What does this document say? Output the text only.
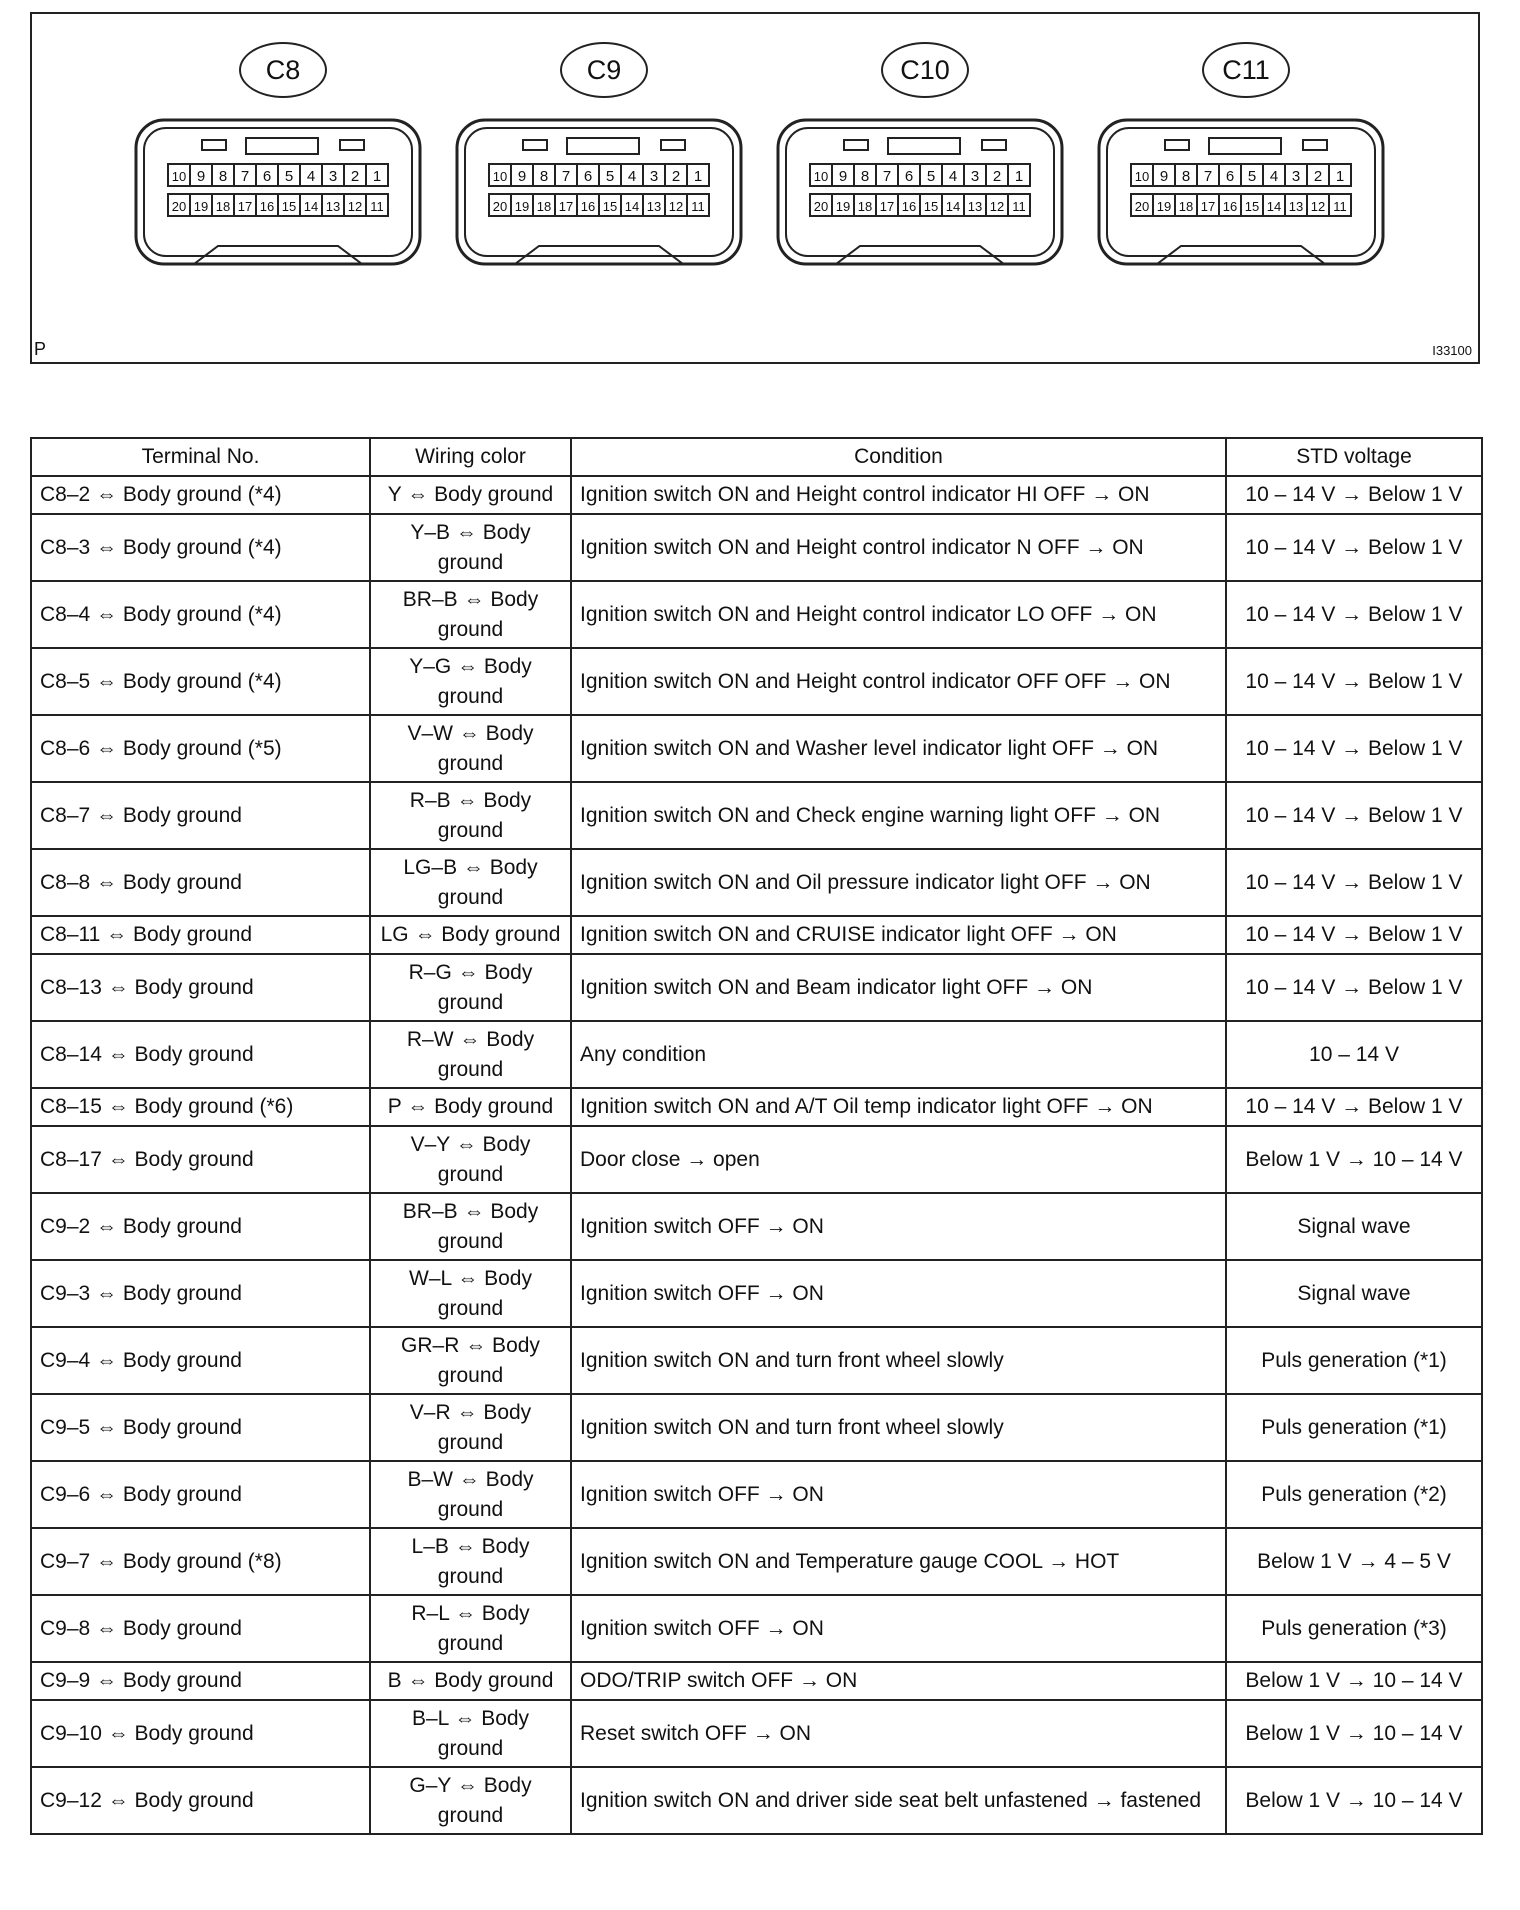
C8
10 9 8 7 6 5 4 3 2 1
20 19 18 17 16 15 14 13 12 11
C9
10 9 8 7 6 5 4 3 2 1
20 19 18 17 16 15 14 13 12 11
C10
10 9 8 7 6 5 4 3 2 1
20 19 18 17 16 15 14 13 12 11
C11
10 9 8 7 6 5 4 3 2 1
20 19 18 17 16 15 14 13 12 11
P	I33100
Terminal No.	Wiring color	Condition	STD voltage
C8–2 ⇔ Body ground (*4)	Y ⇔ Body ground	Ignition switch ON and Height control indicator HI OFF → ON	10 – 14 V → Below 1 V
C8–3 ⇔ Body ground (*4)	Y–B ⇔ Body ground	Ignition switch ON and Height control indicator N OFF → ON	10 – 14 V → Below 1 V
C8–4 ⇔ Body ground (*4)	BR–B ⇔ Body ground	Ignition switch ON and Height control indicator LO OFF → ON	10 – 14 V → Below 1 V
C8–5 ⇔ Body ground (*4)	Y–G ⇔ Body ground	Ignition switch ON and Height control indicator OFF OFF → ON	10 – 14 V → Below 1 V
C8–6 ⇔ Body ground (*5)	V–W ⇔ Body ground	Ignition switch ON and Washer level indicator light OFF → ON	10 – 14 V → Below 1 V
C8–7 ⇔ Body ground	R–B ⇔ Body ground	Ignition switch ON and Check engine warning light OFF → ON	10 – 14 V → Below 1 V
C8–8 ⇔ Body ground	LG–B ⇔ Body ground	Ignition switch ON and Oil pressure indicator light OFF → ON	10 – 14 V → Below 1 V
C8–11 ⇔ Body ground	LG ⇔ Body ground	Ignition switch ON and CRUISE indicator light OFF → ON	10 – 14 V → Below 1 V
C8–13 ⇔ Body ground	R–G ⇔ Body ground	Ignition switch ON and Beam indicator light OFF → ON	10 – 14 V → Below 1 V
C8–14 ⇔ Body ground	R–W ⇔ Body ground	Any condition	10 – 14 V
C8–15 ⇔ Body ground (*6)	P ⇔ Body ground	Ignition switch ON and A/T Oil temp indicator light OFF → ON	10 – 14 V → Below 1 V
C8–17 ⇔ Body ground	V–Y ⇔ Body ground	Door close → open	Below 1 V → 10 – 14 V
C9–2 ⇔ Body ground	BR–B ⇔ Body ground	Ignition switch OFF → ON	Signal wave
C9–3 ⇔ Body ground	W–L ⇔ Body ground	Ignition switch OFF → ON	Signal wave
C9–4 ⇔ Body ground	GR–R ⇔ Body ground	Ignition switch ON and turn front wheel slowly	Puls generation (*1)
C9–5 ⇔ Body ground	V–R ⇔ Body ground	Ignition switch ON and turn front wheel slowly	Puls generation (*1)
C9–6 ⇔ Body ground	B–W ⇔ Body ground	Ignition switch OFF → ON	Puls generation (*2)
C9–7 ⇔ Body ground (*8)	L–B ⇔ Body ground	Ignition switch ON and Temperature gauge COOL → HOT	Below 1 V → 4 – 5 V
C9–8 ⇔ Body ground	R–L ⇔ Body ground	Ignition switch OFF → ON	Puls generation (*3)
C9–9 ⇔ Body ground	B ⇔ Body ground	ODO/TRIP switch OFF → ON	Below 1 V → 10 – 14 V
C9–10 ⇔ Body ground	B–L ⇔ Body ground	Reset switch OFF → ON	Below 1 V → 10 – 14 V
C9–12 ⇔ Body ground	G–Y ⇔ Body ground	Ignition switch ON and driver side seat belt unfastened → fastened	Below 1 V → 10 – 14 V
